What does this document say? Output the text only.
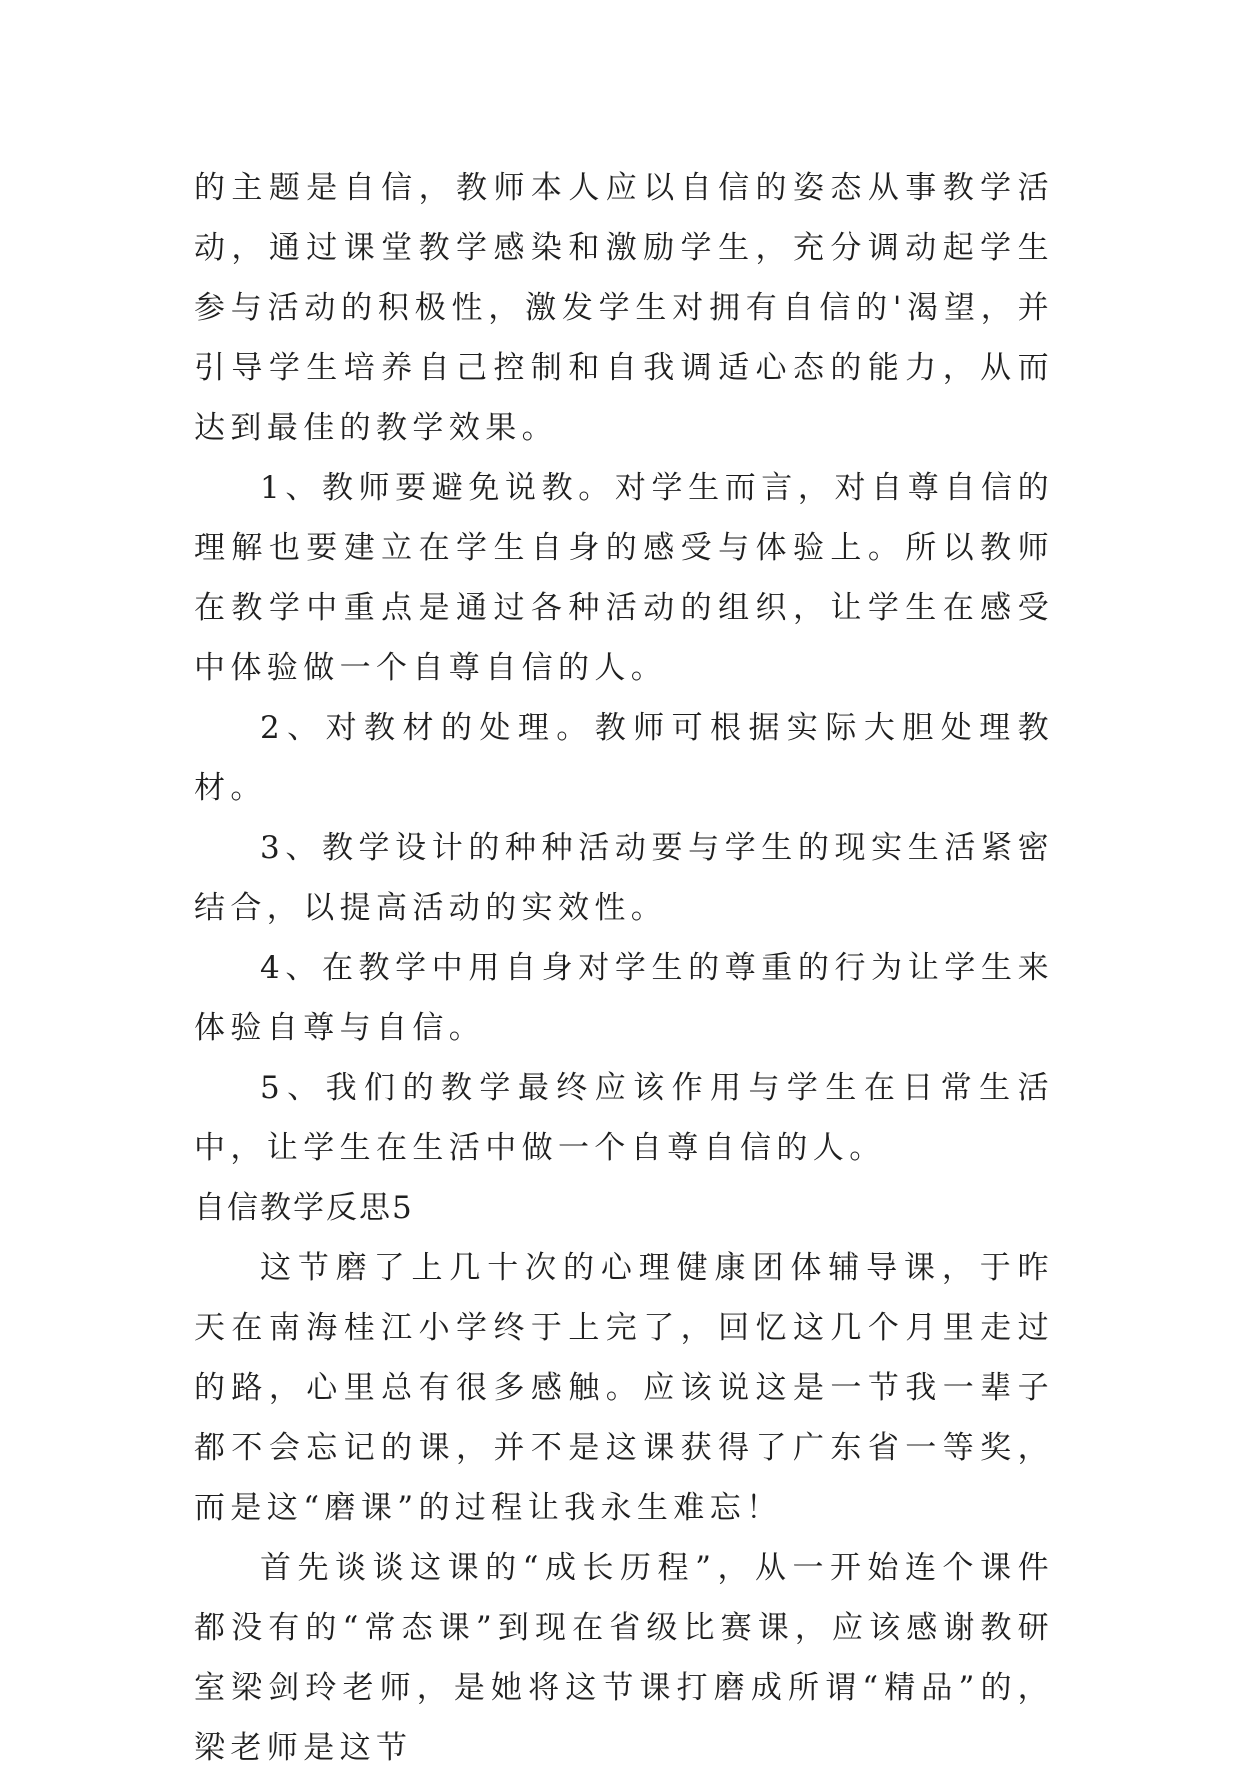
的主题是自信，教师本人应以自信的姿态从事教学活动，通过课堂教学感染和激励学生，充分调动起学生参与活动的积极性，激发学生对拥有自信的'渴望，并引导学生培养自己控制和自我调适心态的能力，从而达到最佳的教学效果。

1、教师要避免说教。对学生而言，对自尊自信的理解也要建立在学生自身的感受与体验上。所以教师在教学中重点是通过各种活动的组织，让学生在感受中体验做一个自尊自信的人。

2、对教材的处理。教师可根据实际大胆处理教材。

3、教学设计的种种活动要与学生的现实生活紧密结合，以提高活动的实效性。

4、在教学中用自身对学生的尊重的行为让学生来体验自尊与自信。

5、我们的教学最终应该作用与学生在日常生活中，让学生在生活中做一个自尊自信的人。

自信教学反思5

这节磨了上几十次的心理健康团体辅导课，于昨天在南海桂江小学终于上完了，回忆这几个月里走过的路，心里总有很多感触。应该说这是一节我一辈子都不会忘记的课，并不是这课获得了广东省一等奖，而是这“磨课”的过程让我永生难忘！

首先谈谈这课的“成长历程”，从一开始连个课件都没有的“常态课”到现在省级比赛课，应该感谢教研室梁剑玲老师，是她将这节课打磨成所谓“精品”的，梁老师是这节
